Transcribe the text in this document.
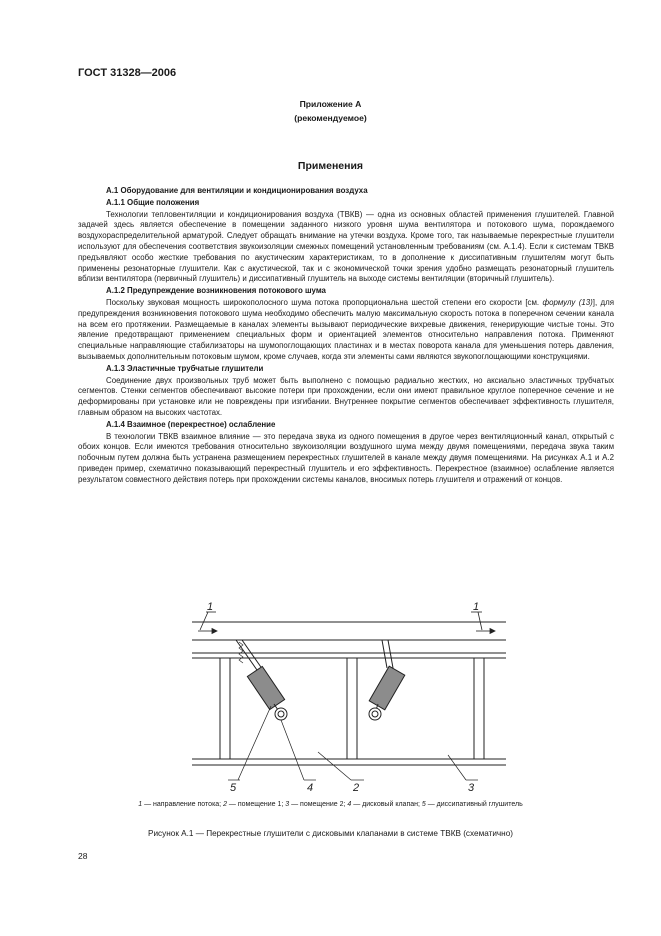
ГОСТ 31328—2006
Приложение А
(рекомендуемое)
Применения
А.1 Оборудование для вентиляции и кондиционирования воздуха
А.1.1 Общие положения

Технологии тепловентиляции и кондиционирования воздуха (ТВКВ) — одна из основных областей применения глушителей. Главной задачей здесь является обеспечение в помещении заданного низкого уровня шума вентилятора и потокового шума, порождаемого воздухораспределительной арматурой. Следует обращать внимание на утечки воздуха. Кроме того, так называемые перекрестные глушители используют для обеспечения соответствия звукоизоляции смежных помещений установленным требованиям (см. А.1.4). Если к системам ТВКВ предъявляют особо жесткие требования по акустическим характеристикам, то в дополнение к диссипативным глушителям могут быть применены резонаторные глушители. Как с акустической, так и с экономической точки зрения удобно размещать резонаторный глушитель вблизи вентилятора (первичный глушитель) и диссипативный глушитель на выходе системы вентиляции (вторичный глушитель).

А.1.2 Предупреждение возникновения потокового шума

Поскольку звуковая мощность широкополосного шума потока пропорциональна шестой степени его скорости [см. формулу (13)], для предупреждения возникновения потокового шума необходимо обеспечить малую максимальную скорость потока в поперечном сечении канала на всем его протяжении. Размещаемые в каналах элементы вызывают периодические вихревые движения, генерирующие чистые тоны. Это явление предотвращают применением специальных форм и ориентацией элементов относительно направления потока. Применяют специальные направляющие стабилизаторы на шумопоглощающих пластинах и в местах поворота канала для уменьшения потерь давления, вызываемых дополнительным потоковым шумом, кроме случаев, когда эти элементы сами являются звукопоглощающими конструкциями.

А.1.3 Эластичные трубчатые глушители

Соединение двух произвольных труб может быть выполнено с помощью радиально жестких, но аксиально эластичных трубчатых сегментов. Стенки сегментов обеспечивают высокие потери при прохождении, если они имеют правильное круглое поперечное сечение и не деформированы при установке или не повреждены при изгибании. Внутреннее покрытие сегментов обеспечивает эффективность глушителя, главным образом на высоких частотах.

А.1.4 Взаимное (перекрестное) ослабление

В технологии ТВКВ взаимное влияние — это передача звука из одного помещения в другое через вентиляционный канал, открытый с обоих концов. Если имеются требования относительно звукоизоляции воздушного шума между двумя помещениями, передача звука таким побочным путем должна быть устранена размещением перекрестных глушителей в канале между двумя помещениями. На рисунках А.1 и А.2 приведен пример, схематично показывающий перекрестный глушитель и его эффективность. Перекрестное (взаимное) ослабление является результатом совместного действия потерь при прохождении системы каналов, вносимых потерь глушителя и отражений от концов.

1	1
5	4	2	3
1 — направление потока; 2 — помещение 1; 3 — помещение 2; 4 — дисковый клапан; 5 — диссипативный глушитель
Рисунок А.1 — Перекрестные глушители с дисковыми клапанами в системе ТВКВ (схематично)
28
